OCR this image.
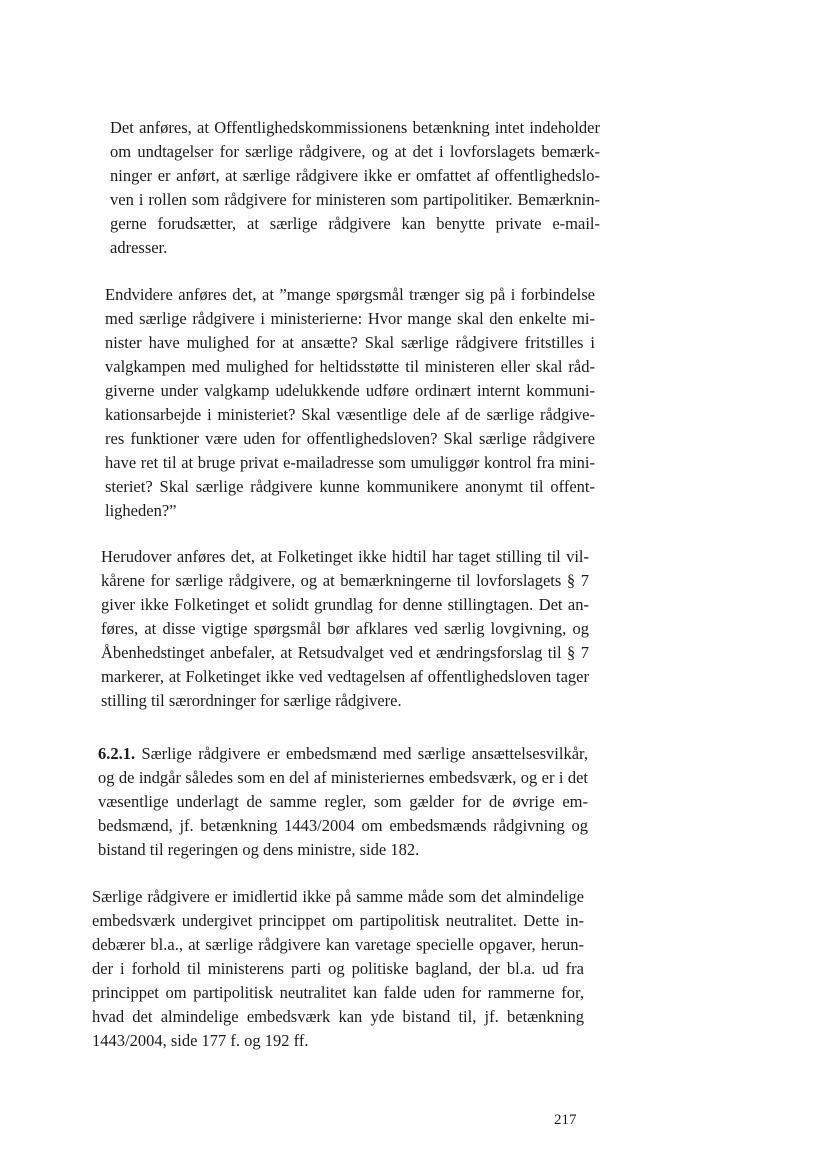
Det anføres, at Offentlighedskommissionens betænkning intet indeholder
om undtagelser for særlige rådgivere, og at det i lovforslagets bemærk-
ninger er anført, at særlige rådgivere ikke er omfattet af offentlighedslo-
ven i rollen som rådgivere for ministeren som partipolitiker. Bemærknin-
gerne forudsætter, at særlige rådgivere kan benytte private e-mail-
adresser.
Endvidere anføres det, at ”mange spørgsmål trænger sig på i forbindelse
med særlige rådgivere i ministerierne: Hvor mange skal den enkelte mi-
nister have mulighed for at ansætte? Skal særlige rådgivere fritstilles i
valgkampen med mulighed for heltidsstøtte til ministeren eller skal råd-
giverne under valgkamp udelukkende udføre ordinært internt kommuni-
kationsarbejde i ministeriet? Skal væsentlige dele af de særlige rådgive-
res funktioner være uden for offentlighedsloven? Skal særlige rådgivere
have ret til at bruge privat e-mailadresse som umuliggør kontrol fra mini-
steriet? Skal særlige rådgivere kunne kommunikere anonymt til offent-
ligheden?”
Herudover anføres det, at Folketinget ikke hidtil har taget stilling til vil-
kårene for særlige rådgivere, og at bemærkningerne til lovforslagets § 7
giver ikke Folketinget et solidt grundlag for denne stillingtagen. Det an-
føres, at disse vigtige spørgsmål bør afklares ved særlig lovgivning, og
Åbenhedstinget anbefaler, at Retsudvalget ved et ændringsforslag til § 7
markerer, at Folketinget ikke ved vedtagelsen af offentlighedsloven tager
stilling til særordninger for særlige rådgivere.
6.2.1. Særlige rådgivere er embedsmænd med særlige ansættelsesvilkår,
og de indgår således som en del af ministeriernes embedsværk, og er i det
væsentlige underlagt de samme regler, som gælder for de øvrige em-
bedsmænd, jf. betænkning 1443/2004 om embedsmænds rådgivning og
bistand til regeringen og dens ministre, side 182.
Særlige rådgivere er imidlertid ikke på samme måde som det almindelige
embedsværk undergivet princippet om partipolitisk neutralitet. Dette in-
debærer bl.a., at særlige rådgivere kan varetage specielle opgaver, herun-
der i forhold til ministerens parti og politiske bagland, der bl.a. ud fra
princippet om partipolitisk neutralitet kan falde uden for rammerne for,
hvad det almindelige embedsværk kan yde bistand til, jf. betænkning
1443/2004, side 177 f. og 192 ff.
217
